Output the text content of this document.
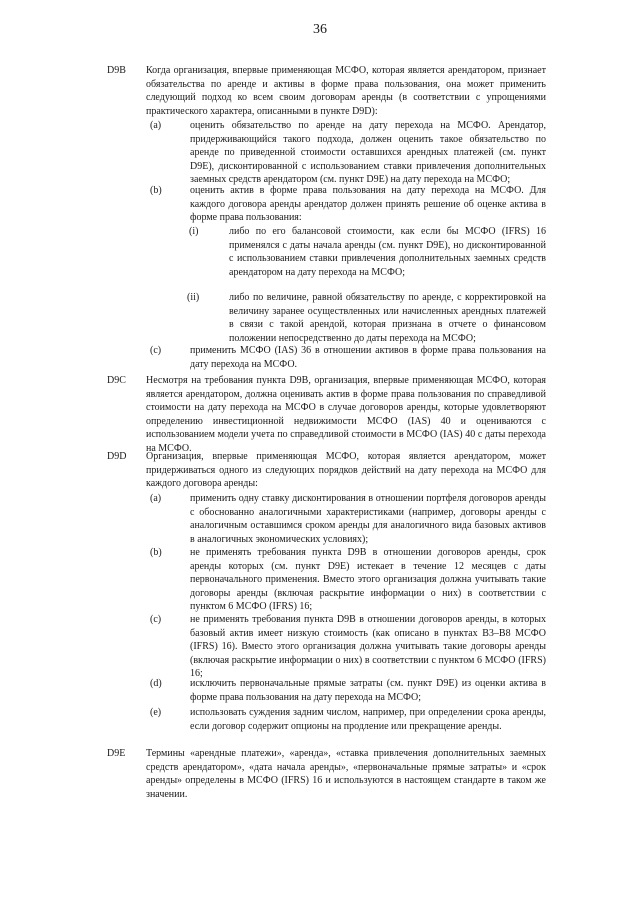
36
D9B Когда организация, впервые применяющая МСФО, которая является арендатором, признает обязательства по аренде и активы в форме права пользования, она может применить следующий подход ко всем своим договорам аренды (в соответствии с упрощениями практического характера, описанными в пункте D9D):
(a)	оценить обязательство по аренде на дату перехода на МСФО. Арендатор, придерживающийся такого подхода, должен оценить такое обязательство по аренде по приведенной стоимости оставшихся арендных платежей (см. пункт D9E), дисконтированной с использованием ставки привлечения дополнительных заемных средств арендатором (см. пункт D9E) на дату перехода на МСФО;
(b)	оценить актив в форме права пользования на дату перехода на МСФО. Для каждого договора аренды арендатор должен принять решение об оценке актива в форме права пользования:
(i)	либо по его балансовой стоимости, как если бы МСФО (IFRS) 16 применялся с даты начала аренды (см. пункт D9E), но дисконтированной с использованием ставки привлечения дополнительных заемных средств арендатором на дату перехода на МСФО;
(ii)	либо по величине, равной обязательству по аренде, с корректировкой на величину заранее осуществленных или начисленных арендных платежей в связи с такой арендой, которая признана в отчете о финансовом положении непосредственно до даты перехода на МСФО;
(c)	применить МСФО (IAS) 36 в отношении активов в форме права пользования на дату перехода на МСФО.
D9C Несмотря на требования пункта D9B, организация, впервые применяющая МСФО, которая является арендатором, должна оценивать актив в форме права пользования по справедливой стоимости на дату перехода на МСФО в случае договоров аренды, которые удовлетворяют определению инвестиционной недвижимости МСФО (IAS) 40 и оцениваются с использованием модели учета по справедливой стоимости в МСФО (IAS) 40 с даты перехода на МСФО.
D9D Организация, впервые применяющая МСФО, которая является арендатором, может придерживаться одного из следующих порядков действий на дату перехода на МСФО для каждого договора аренды:
(a)	применить одну ставку дисконтирования в отношении портфеля договоров аренды с обоснованно аналогичными характеристиками (например, договоры аренды с аналогичным оставшимся сроком аренды для аналогичного вида базовых активов в аналогичных экономических условиях);
(b)	не применять требования пункта D9B в отношении договоров аренды, срок аренды которых (см. пункт D9E) истекает в течение 12 месяцев с даты первоначального применения. Вместо этого организация должна учитывать такие договоры аренды (включая раскрытие информации о них) в соответствии с пунктом 6 МСФО (IFRS) 16;
(c)	не применять требования пункта D9B в отношении договоров аренды, в которых базовый актив имеет низкую стоимость (как описано в пунктах B3–B8 МСФО (IFRS) 16). Вместо этого организация должна учитывать такие договоры аренды (включая раскрытие информации о них) в соответствии с пунктом 6 МСФО (IFRS) 16;
(d)	исключить первоначальные прямые затраты (см. пункт D9E) из оценки актива в форме права пользования на дату перехода на МСФО;
(e)	использовать суждения задним числом, например, при определении срока аренды, если договор содержит опционы на продление или прекращение аренды.
D9E Термины «арендные платежи», «аренда», «ставка привлечения дополнительных заемных средств арендатором», «дата начала аренды», «первоначальные прямые затраты» и «срок аренды» определены в МСФО (IFRS) 16 и используются в настоящем стандарте в таком же значении.
